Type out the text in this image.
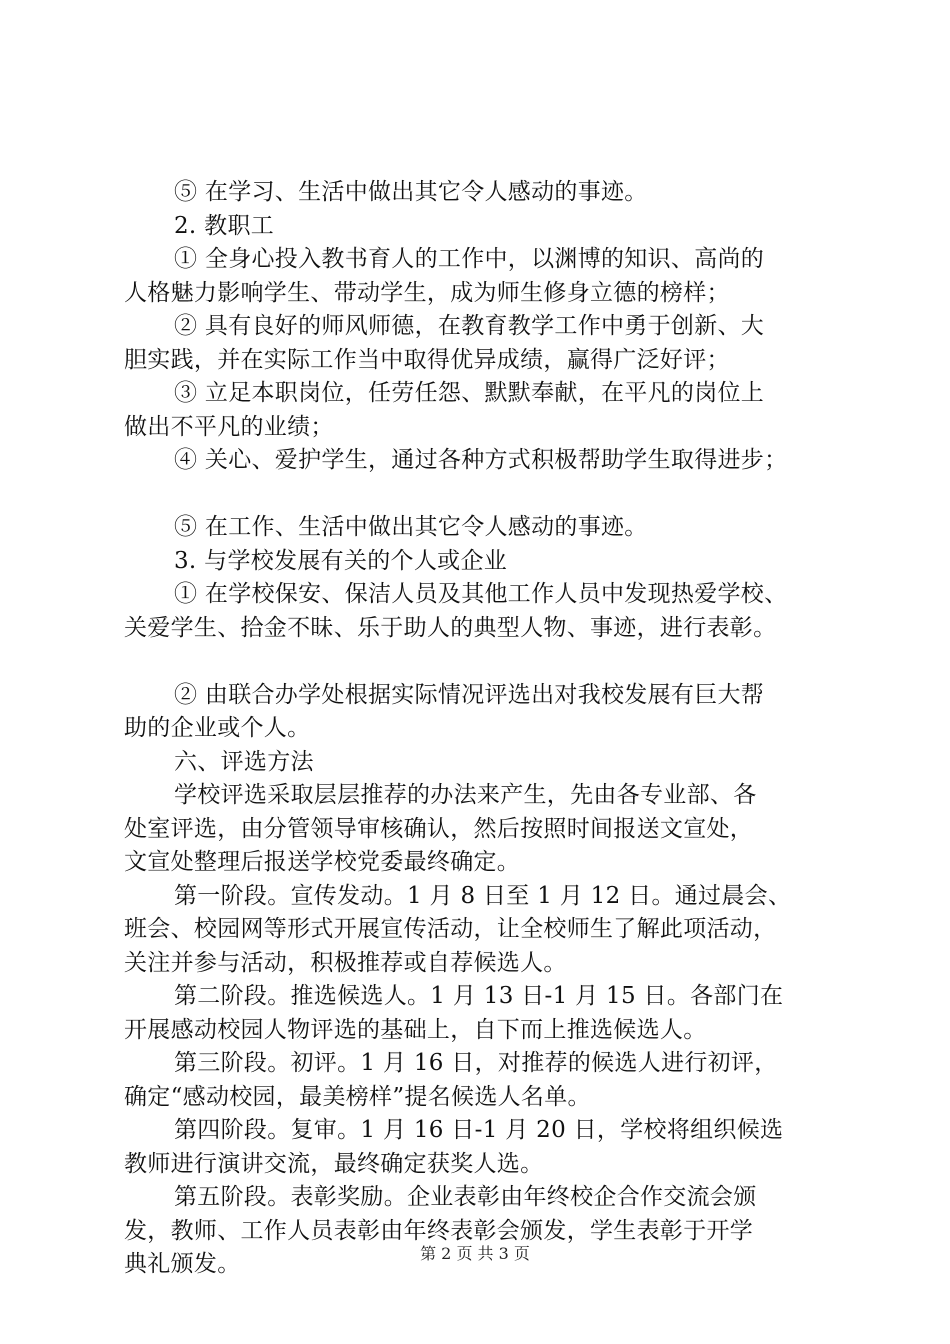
⑤ 在学习、生活中做出其它令人感动的事迹。

2. 教职工

① 全身心投入教书育人的工作中，以渊博的知识、高尚的

人格魅力影响学生、带动学生，成为师生修身立德的榜样；

② 具有良好的师风师德，在教育教学工作中勇于创新、大

胆实践，并在实际工作当中取得优异成绩，赢得广泛好评；

③ 立足本职岗位，任劳任怨、默默奉献，在平凡的岗位上

做出不平凡的业绩；

④ 关心、爱护学生，通过各种方式积极帮助学生取得进步；

⑤ 在工作、生活中做出其它令人感动的事迹。

3. 与学校发展有关的个人或企业

① 在学校保安、保洁人员及其他工作人员中发现热爱学校、

关爱学生、拾金不昧、乐于助人的典型人物、事迹，进行表彰。

② 由联合办学处根据实际情况评选出对我校发展有巨大帮

助的企业或个人。

六、评选方法

学校评选采取层层推荐的办法来产生，先由各专业部、各

处室评选，由分管领导审核确认，然后按照时间报送文宣处，

文宣处整理后报送学校党委最终确定。

第一阶段。宣传发动。1 月 8 日至 1 月 12 日。通过晨会、

班会、校园网等形式开展宣传活动，让全校师生了解此项活动，

关注并参与活动，积极推荐或自荐候选人。

第二阶段。推选候选人。1 月 13 日-1 月 15 日。各部门在

开展感动校园人物评选的基础上，自下而上推选候选人。

第三阶段。初评。1 月 16 日，对推荐的候选人进行初评，

确定“感动校园，最美榜样”提名候选人名单。

第四阶段。复审。1 月 16 日-1 月 20 日，学校将组织候选

教师进行演讲交流，最终确定获奖人选。

第五阶段。表彰奖励。企业表彰由年终校企合作交流会颁

发，教师、工作人员表彰由年终表彰会颁发，学生表彰于开学

典礼颁发。	第 2 页 共 3 页
